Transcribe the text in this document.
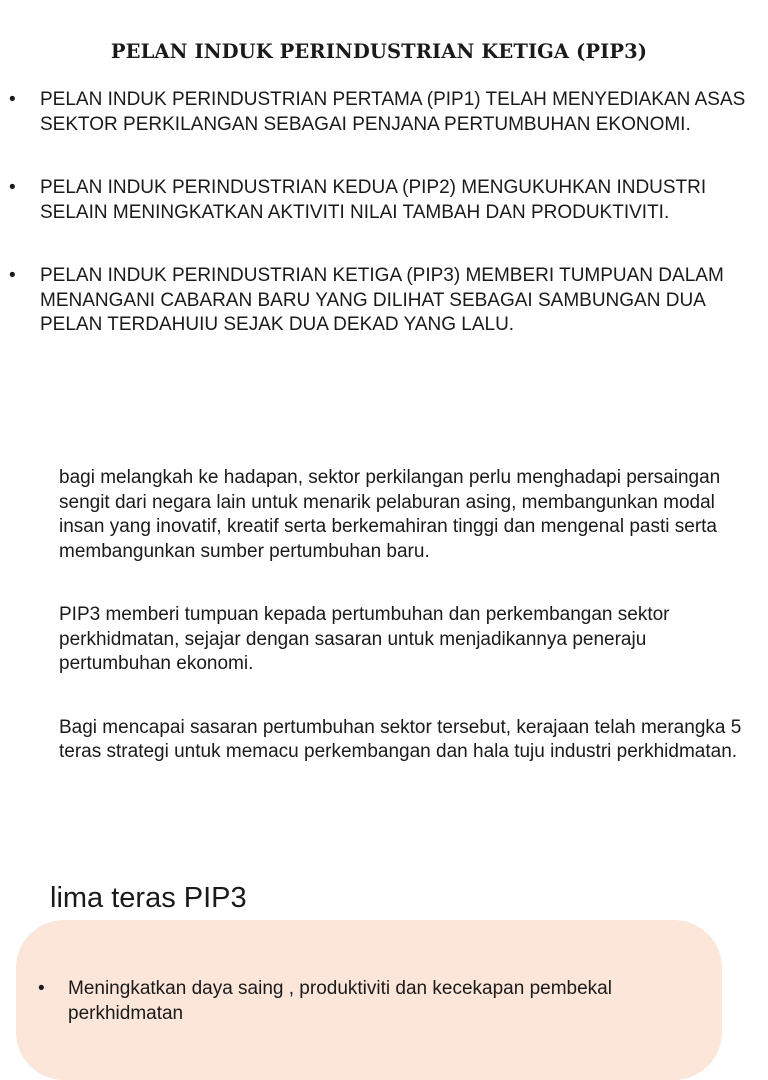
PELAN INDUK PERINDUSTRIAN KETIGA (PIP3)
• PELAN INDUK PERINDUSTRIAN PERTAMA (PIP1) TELAH MENYEDIAKAN ASAS SEKTOR PERKILANGAN SEBAGAI PENJANA PERTUMBUHAN EKONOMI.
• PELAN INDUK PERINDUSTRIAN KEDUA (PIP2) MENGUKUHKAN INDUSTRI SELAIN MENINGKATKAN AKTIVITI NILAI TAMBAH DAN PRODUKTIVITI.
• PELAN INDUK PERINDUSTRIAN KETIGA (PIP3) MEMBERI TUMPUAN DALAM MENANGANI CABARAN BARU YANG DILIHAT SEBAGAI SAMBUNGAN DUA PELAN TERDAHUIU SEJAK DUA DEKAD YANG LALU.

bagi melangkah ke hadapan, sektor perkilangan perlu menghadapi persaingan sengit dari negara lain untuk menarik pelaburan asing, membangunkan modal insan yang inovatif, kreatif serta berkemahiran tinggi dan mengenal pasti serta membangunkan sumber pertumbuhan baru.

PIP3 memberi tumpuan kepada pertumbuhan dan perkembangan sektor perkhidmatan, sejajar dengan sasaran untuk menjadikannya peneraju pertumbuhan ekonomi.

Bagi mencapai sasaran pertumbuhan sektor tersebut, kerajaan telah merangka 5 teras strategi untuk memacu perkembangan dan hala tuju industri perkhidmatan.

lima teras PIP3
• Meningkatkan daya saing , produktiviti dan kecekapan pembekal perkhidmatan
